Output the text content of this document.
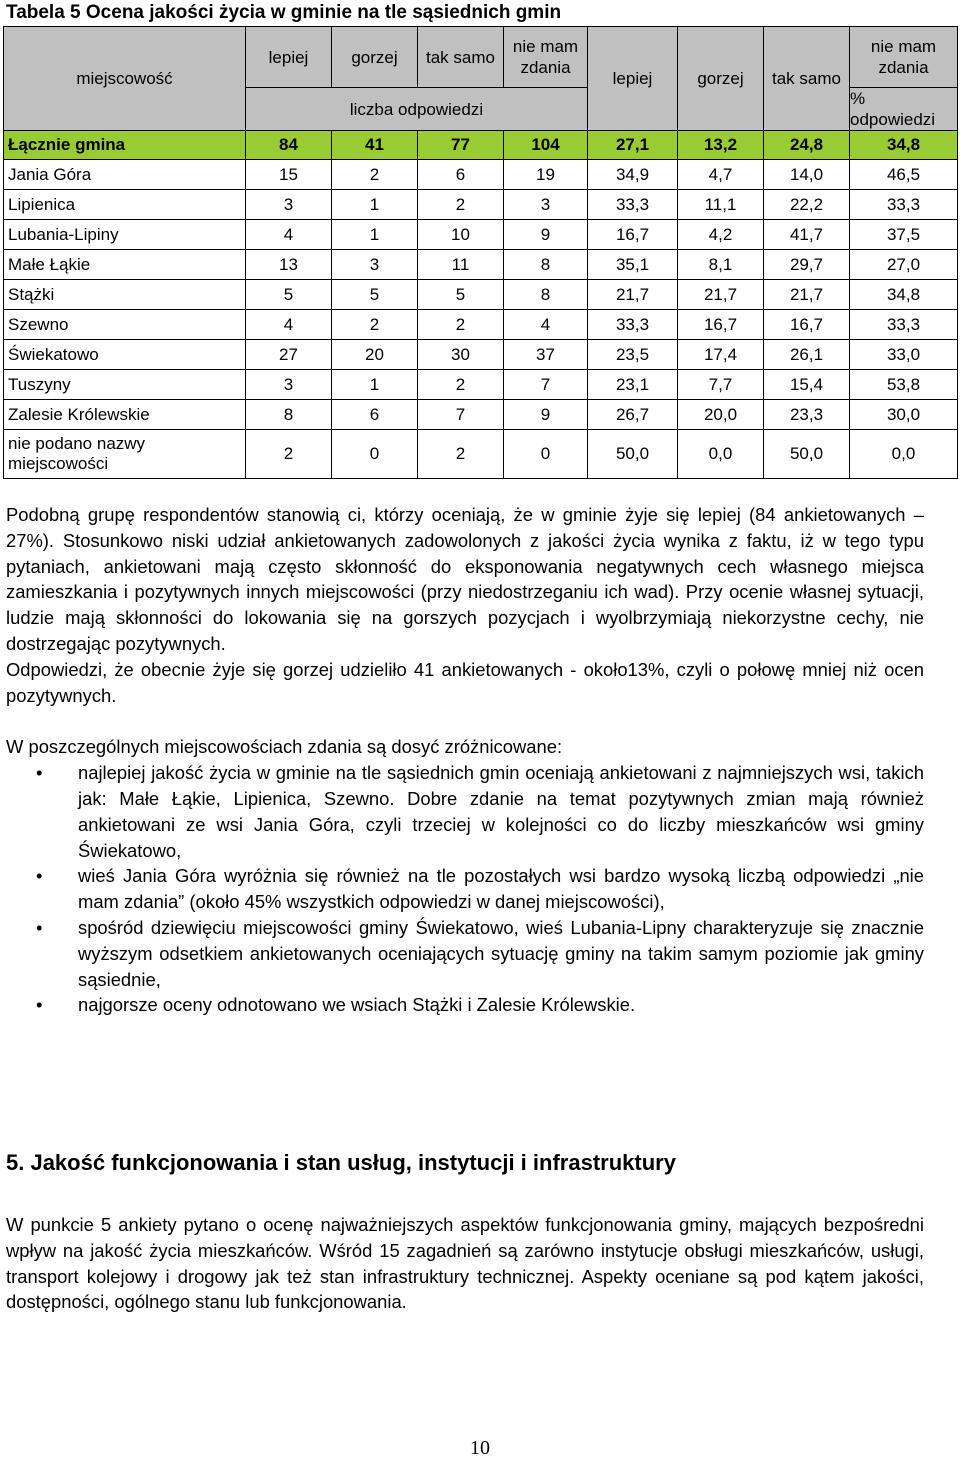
Tabela 5 Ocena jakości życia w gminie na tle sąsiednich gmin
miejscowość	lepiej	gorzej	tak samo	nie mam zdania	lepiej	gorzej	tak samo	nie mam zdania
	liczba odpowiedzi							% odpowiedzi
Łącznie gmina	84	41	77	104	27,1	13,2	24,8	34,8
Jania Góra	15	2	6	19	34,9	4,7	14,0	46,5
Lipienica	3	1	2	3	33,3	11,1	22,2	33,3
Lubania-Lipiny	4	1	10	9	16,7	4,2	41,7	37,5
Małe Łąkie	13	3	11	8	35,1	8,1	29,7	27,0
Stążki	5	5	5	8	21,7	21,7	21,7	34,8
Szewno	4	2	2	4	33,3	16,7	16,7	33,3
Świekatowo	27	20	30	37	23,5	17,4	26,1	33,0
Tuszyny	3	1	2	7	23,1	7,7	15,4	53,8
Zalesie Królewskie	8	6	7	9	26,7	20,0	23,3	30,0
nie podano nazwy miejscowości	2	0	2	0	50,0	0,0	50,0	0,0

Podobną grupę respondentów stanowią ci, którzy oceniają, że w gminie żyje się lepiej (84 ankietowanych – 27%). Stosunkowo niski udział ankietowanych zadowolonych z jakości życia wynika z faktu, iż w tego typu pytaniach, ankietowani mają często skłonność do eksponowania negatywnych cech własnego miejsca zamieszkania i pozytywnych innych miejscowości (przy niedostrzeganiu ich wad). Przy ocenie własnej sytuacji, ludzie mają skłonności do lokowania się na gorszych pozycjach i wyolbrzymiają niekorzystne cechy, nie dostrzegając pozytywnych.

Odpowiedzi, że obecnie żyje się gorzej udzieliło 41 ankietowanych - około13%, czyli o połowę mniej niż ocen pozytywnych.

W poszczególnych miejscowościach zdania są dosyć zróżnicowane:

• najlepiej jakość życia w gminie na tle sąsiednich gmin oceniają ankietowani z najmniejszych wsi, takich jak: Małe Łąkie, Lipienica, Szewno. Dobre zdanie na temat pozytywnych zmian mają również ankietowani ze wsi Jania Góra, czyli trzeciej w kolejności co do liczby mieszkańców wsi gminy Świekatowo,
• wieś Jania Góra wyróżnia się również na tle pozostałych wsi bardzo wysoką liczbą odpowiedzi „nie mam zdania” (około 45% wszystkich odpowiedzi w danej miejscowości),
• spośród dziewięciu miejscowości gminy Świekatowo, wieś Lubania-Lipny charakteryzuje się znacznie wyższym odsetkiem ankietowanych oceniających sytuację gminy na takim samym poziomie jak gminy sąsiednie,
• najgorsze oceny odnotowano we wsiach Stążki i Zalesie Królewskie.
5. Jakość funkcjonowania i stan usług, instytucji i infrastruktury

W punkcie 5 ankiety pytano o ocenę najważniejszych aspektów funkcjonowania gminy, mających bezpośredni wpływ na jakość życia mieszkańców. Wśród 15 zagadnień są zarówno instytucje obsługi mieszkańców, usługi, transport kolejowy i drogowy jak też stan infrastruktury technicznej. Aspekty oceniane są pod kątem jakości, dostępności, ogólnego stanu lub funkcjonowania.

10
